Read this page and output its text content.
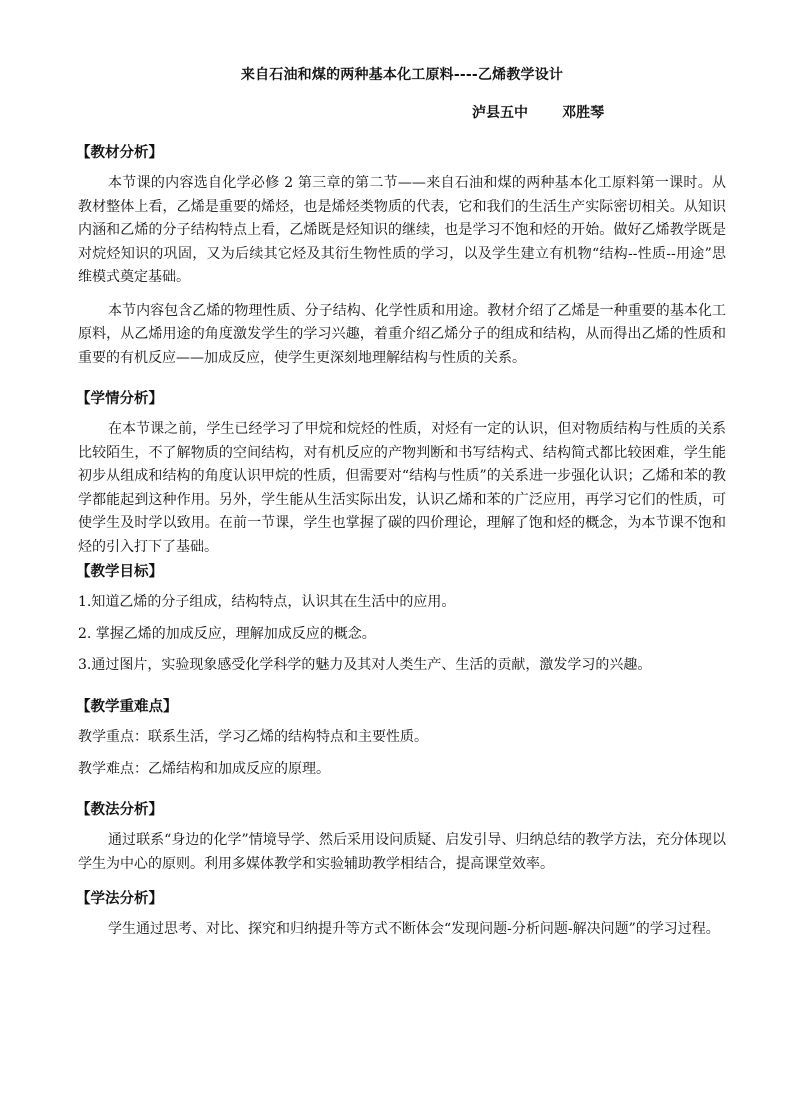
来自石油和煤的两种基本化工原料----乙烯教学设计
泸县五中       邓胜琴
【教材分析】
本节课的内容选自化学必修 2 第三章的第二节——来自石油和煤的两种基本化工原料第一课时。从教材整体上看，乙烯是重要的烯烃，也是烯烃类物质的代表，它和我们的生活生产实际密切相关。从知识内涵和乙烯的分子结构特点上看，乙烯既是烃知识的继续，也是学习不饱和烃的开始。做好乙烯教学既是对烷烃知识的巩固，又为后续其它烃及其衍生物性质的学习，以及学生建立有机物“结构--性质--用途”思维模式奠定基础。
本节内容包含乙烯的物理性质、分子结构、化学性质和用途。教材介绍了乙烯是一种重要的基本化工原料，从乙烯用途的角度激发学生的学习兴趣，着重介绍乙烯分子的组成和结构，从而得出乙烯的性质和重要的有机反应——加成反应，使学生更深刻地理解结构与性质的关系。
【学情分析】
在本节课之前，学生已经学习了甲烷和烷烃的性质，对烃有一定的认识，但对物质结构与性质的关系比较陌生，不了解物质的空间结构，对有机反应的产物判断和书写结构式、结构简式都比较困难，学生能初步从组成和结构的角度认识甲烷的性质，但需要对“结构与性质”的关系进一步强化认识；乙烯和苯的教学都能起到这种作用。另外，学生能从生活实际出发，认识乙烯和苯的广泛应用，再学习它们的性质，可使学生及时学以致用。在前一节课，学生也掌握了碳的四价理论，理解了饱和烃的概念，为本节课不饱和烃的引入打下了基础。
【教学目标】
1.知道乙烯的分子组成，结构特点，认识其在生活中的应用。
2. 掌握乙烯的加成反应，理解加成反应的概念。
3.通过图片，实验现象感受化学科学的魅力及其对人类生产、生活的贡献，激发学习的兴趣。
【教学重难点】
教学重点：联系生活，学习乙烯的结构特点和主要性质。
教学难点：乙烯结构和加成反应的原理。
【教法分析】
通过联系“身边的化学”情境导学、然后采用设问质疑、启发引导、归纳总结的教学方法，充分体现以学生为中心的原则。利用多媒体教学和实验辅助教学相结合，提高课堂效率。
【学法分析】
学生通过思考、对比、探究和归纳提升等方式不断体会“发现问题-分析问题-解决问题”的学习过程。
